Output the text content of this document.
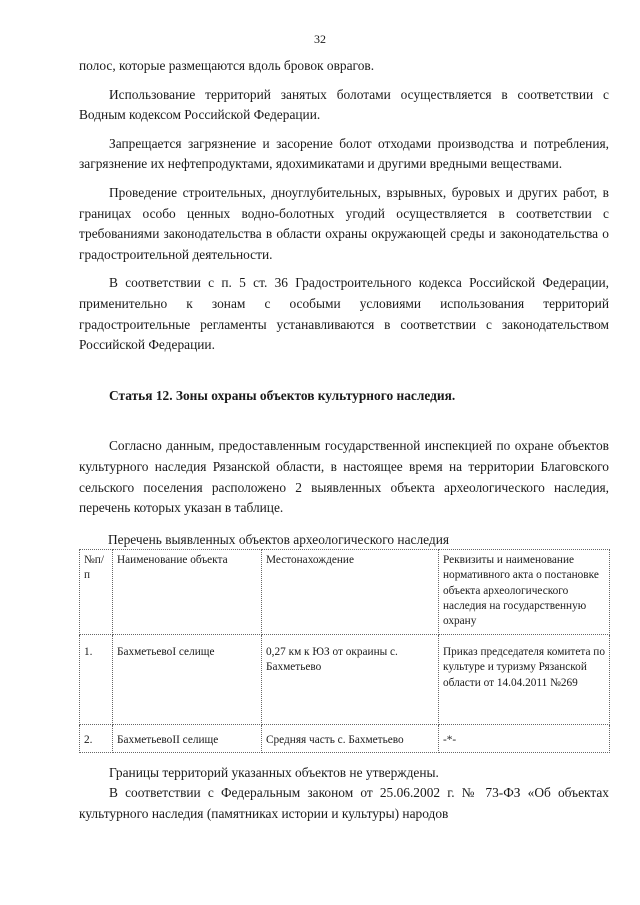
32

полос, которые размещаются вдоль бровок оврагов.

Использование территорий занятых болотами осуществляется в соответствии с Водным кодексом Российской Федерации.

Запрещается загрязнение и засорение болот отходами производства и потребления, загрязнение их нефтепродуктами, ядохимикатами и другими вредными веществами.

Проведение строительных, дноуглубительных, взрывных, буровых и других работ, в границах особо ценных водно-болотных угодий осуществляется в соответствии с требованиями законодательства в области охраны окружающей среды и законодательства о градостроительной деятельности.

В соответствии с п. 5 ст. 36 Градостроительного кодекса Российской Федерации, применительно к зонам с особыми условиями использования территорий градостроительные регламенты устанавливаются в соответствии с законодательством Российской Федерации.

Статья 12. Зоны охраны объектов культурного наследия.

Согласно данным, предоставленным государственной инспекцией по охране объектов культурного наследия Рязанской области, в настоящее время на территории Благовского сельского поселения расположено 2 выявленных объекта археологического наследия, перечень которых указан в таблице.

Перечень выявленных объектов археологического наследия

№п/п	Наименование объекта	Местонахождение	Реквизиты и наименование нормативного акта о постановке объекта археологического наследия на государственную охрану
1.	БахметьевоI селище	0,27 км к ЮЗ от окраины с. Бахметьево	Приказ председателя комитета по культуре и туризму Рязанской области от 14.04.2011 №269
2.	БахметьевоII селище	Средняя часть с. Бахметьево	-*-

Границы территорий указанных объектов не утверждены.

В соответствии с Федеральным законом от 25.06.2002 г. № 73-ФЗ «Об объектах культурного наследия (памятниках истории и культуры) народов
